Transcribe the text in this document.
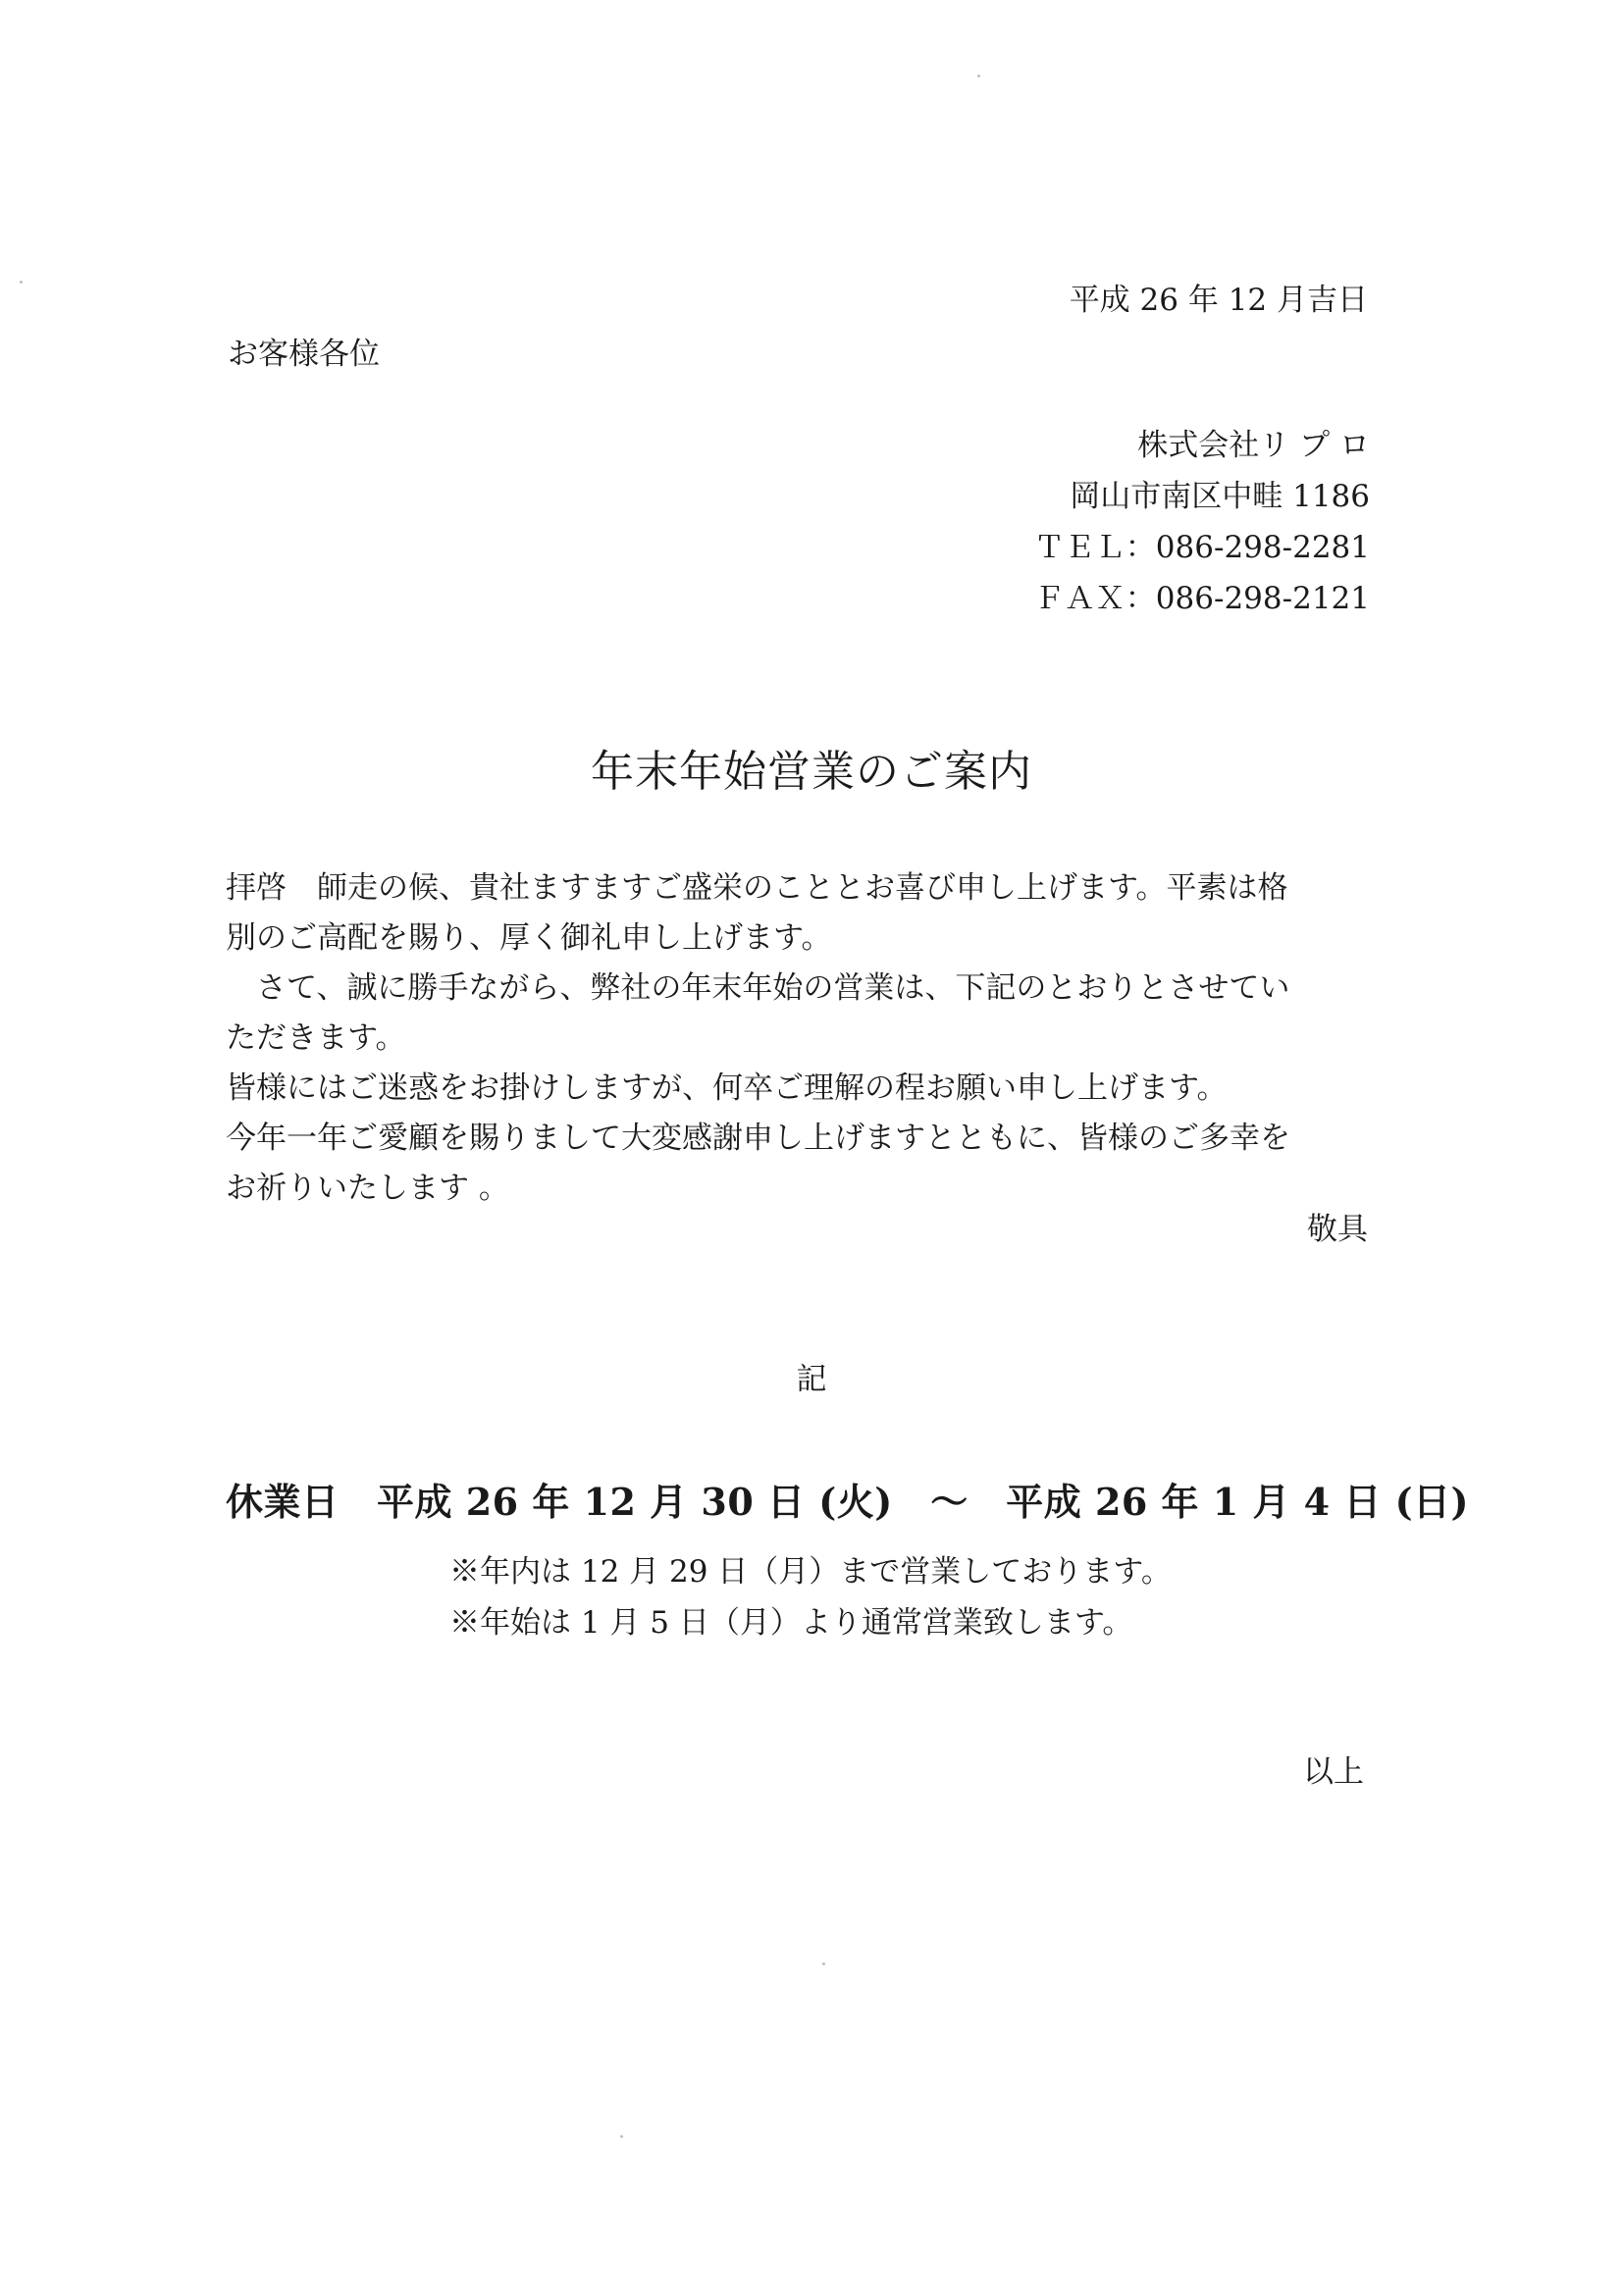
平成 26 年 12 月吉日
お客様各位
株式会社リ プ ロ
岡山市南区中畦 1186
ＴＥＬ：086-298-2281
ＦＡＸ：086-298-2121
年末年始営業のご案内

拝啓　師走の候、貴社ますますご盛栄のこととお喜び申し上げます。平素は格

別のご高配を賜り、厚く御礼申し上げます。

　さて、誠に勝手ながら、弊社の年末年始の営業は、下記のとおりとさせてい

ただきます。

皆様にはご迷惑をお掛けしますが、何卒ご理解の程お願い申し上げます。

今年一年ご愛顧を賜りまして大変感謝申し上げますとともに、皆様のご多幸を

お祈りいたします 。

敬具
記
休業日　平成 26 年 12 月 30 日 (火)　～　平成 26 年 1 月 4 日 (日)
※年内は 12 月 29 日（月）まで営業しております。
※年始は 1 月 5 日（月）より通常営業致します。
以上
